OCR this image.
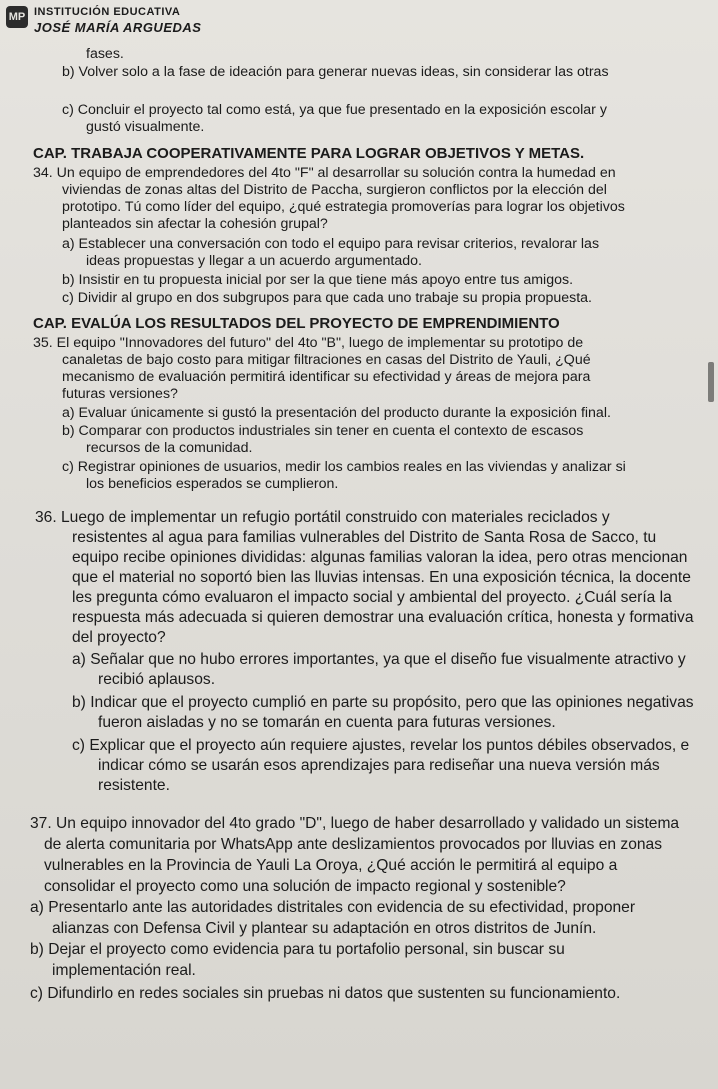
MP INSTITUCIÓN EDUCATIVA
JOSÉ MARÍA ARGUEDAS
fases.
b) Volver solo a la fase de ideación para generar nuevas ideas, sin considerar las otras
c) Concluir el proyecto tal como está, ya que fue presentado en la exposición escolar y
gustó visualmente.
CAP. TRABAJA COOPERATIVAMENTE PARA LOGRAR OBJETIVOS Y METAS.
34. Un equipo de emprendedores del 4to "F" al desarrollar su solución contra la humedad en
viviendas de zonas altas del Distrito de Paccha, surgieron conflictos por la elección del
prototipo. Tú como líder del equipo, ¿qué estrategia promoverías para lograr los objetivos
planteados sin afectar la cohesión grupal?
a) Establecer una conversación con todo el equipo para revisar criterios, revalorar las
ideas propuestas y llegar a un acuerdo argumentado.
b) Insistir en tu propuesta inicial por ser la que tiene más apoyo entre tus amigos.
c) Dividir al grupo en dos subgrupos para que cada uno trabaje su propia propuesta.
CAP. EVALÚA LOS RESULTADOS DEL PROYECTO DE EMPRENDIMIENTO
35. El equipo "Innovadores del futuro" del 4to "B", luego de implementar su prototipo de
canaletas de bajo costo para mitigar filtraciones en casas del Distrito de Yauli, ¿Qué
mecanismo de evaluación permitirá identificar su efectividad y áreas de mejora para
futuras versiones?
a) Evaluar únicamente si gustó la presentación del producto durante la exposición final.
b) Comparar con productos industriales sin tener en cuenta el contexto de escasos
recursos de la comunidad.
c) Registrar opiniones de usuarios, medir los cambios reales en las viviendas y analizar si
los beneficios esperados se cumplieron.
36. Luego de implementar un refugio portátil construido con materiales reciclados y
resistentes al agua para familias vulnerables del Distrito de Santa Rosa de Sacco, tu
equipo recibe opiniones divididas: algunas familias valoran la idea, pero otras mencionan
que el material no soportó bien las lluvias intensas. En una exposición técnica, la docente
les pregunta cómo evaluaron el impacto social y ambiental del proyecto. ¿Cuál sería la
respuesta más adecuada si quieren demostrar una evaluación crítica, honesta y formativa
del proyecto?
a) Señalar que no hubo errores importantes, ya que el diseño fue visualmente atractivo y
recibió aplausos.
b) Indicar que el proyecto cumplió en parte su propósito, pero que las opiniones negativas
fueron aisladas y no se tomarán en cuenta para futuras versiones.
c) Explicar que el proyecto aún requiere ajustes, revelar los puntos débiles observados, e
indicar cómo se usarán esos aprendizajes para rediseñar una nueva versión más
resistente.
37. Un equipo innovador del 4to grado "D", luego de haber desarrollado y validado un sistema
de alerta comunitaria por WhatsApp ante deslizamientos provocados por lluvias en zonas
vulnerables en la Provincia de Yauli La Oroya, ¿Qué acción le permitirá al equipo a
consolidar el proyecto como una solución de impacto regional y sostenible?
a) Presentarlo ante las autoridades distritales con evidencia de su efectividad, proponer
alianzas con Defensa Civil y plantear su adaptación en otros distritos de Junín.
b) Dejar el proyecto como evidencia para tu portafolio personal, sin buscar su
implementación real.
c) Difundirlo en redes sociales sin pruebas ni datos que sustenten su funcionamiento.
